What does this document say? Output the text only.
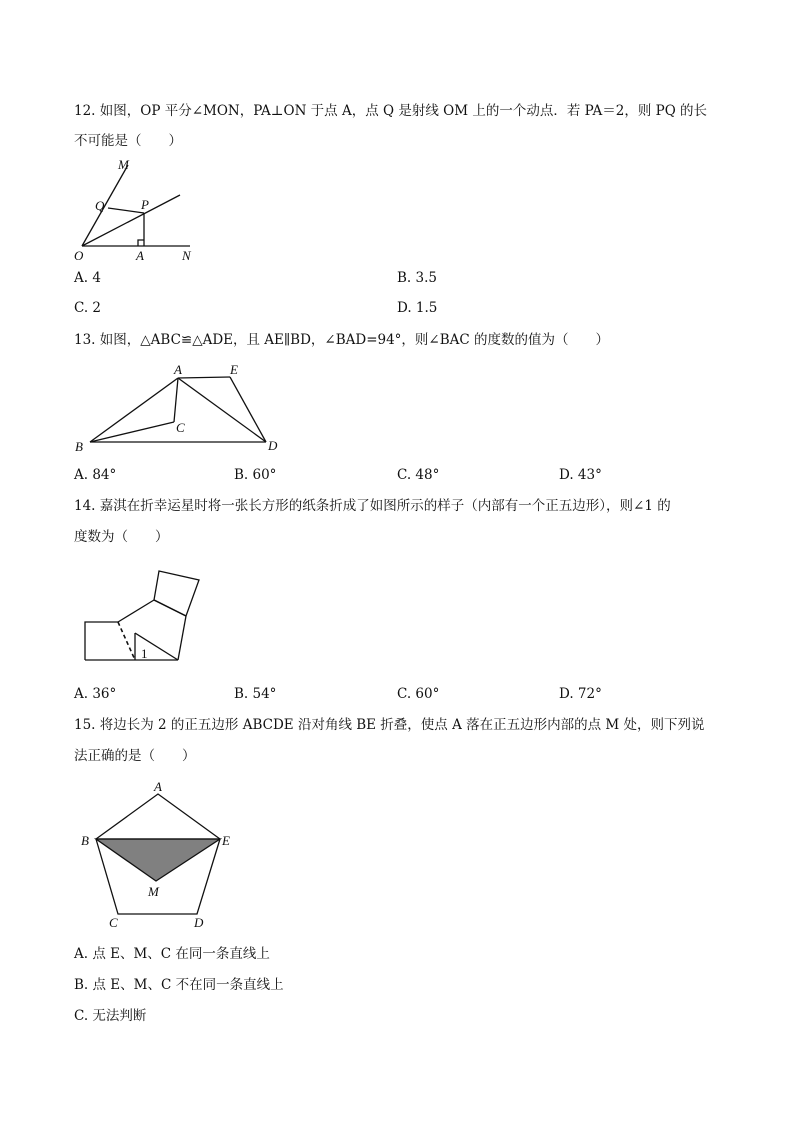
12. 如图，OP 平分∠MON，PA⊥ON 于点 A，点 Q 是射线 OM 上的一个动点．若 PA＝2，则 PQ 的长
不可能是（　　）
M
Q	P
O	A	N
A. 4	B. 3.5
C. 2	D. 1.5
13. 如图，△ABC≌△ADE，且 AE∥BD，∠BAD=94°，则∠BAC 的度数的值为（　　）
A	E
B
C
D
A. 84°	B. 60°	C. 48°	D. 43°
14. 嘉淇在折幸运星时将一张长方形的纸条折成了如图所示的样子（内部有一个正五边形），则∠1 的
度数为（　　）
1
A. 36°	B. 54°	C. 60°	D. 72°
15. 将边长为 2 的正五边形 ABCDE 沿对角线 BE 折叠，使点 A 落在正五边形内部的点 M 处，则下列说
法正确的是（　　）
A
B	E
M
C	D
A. 点 E、M、C 在同一条直线上
B. 点 E、M、C 不在同一条直线上
C. 无法判断
